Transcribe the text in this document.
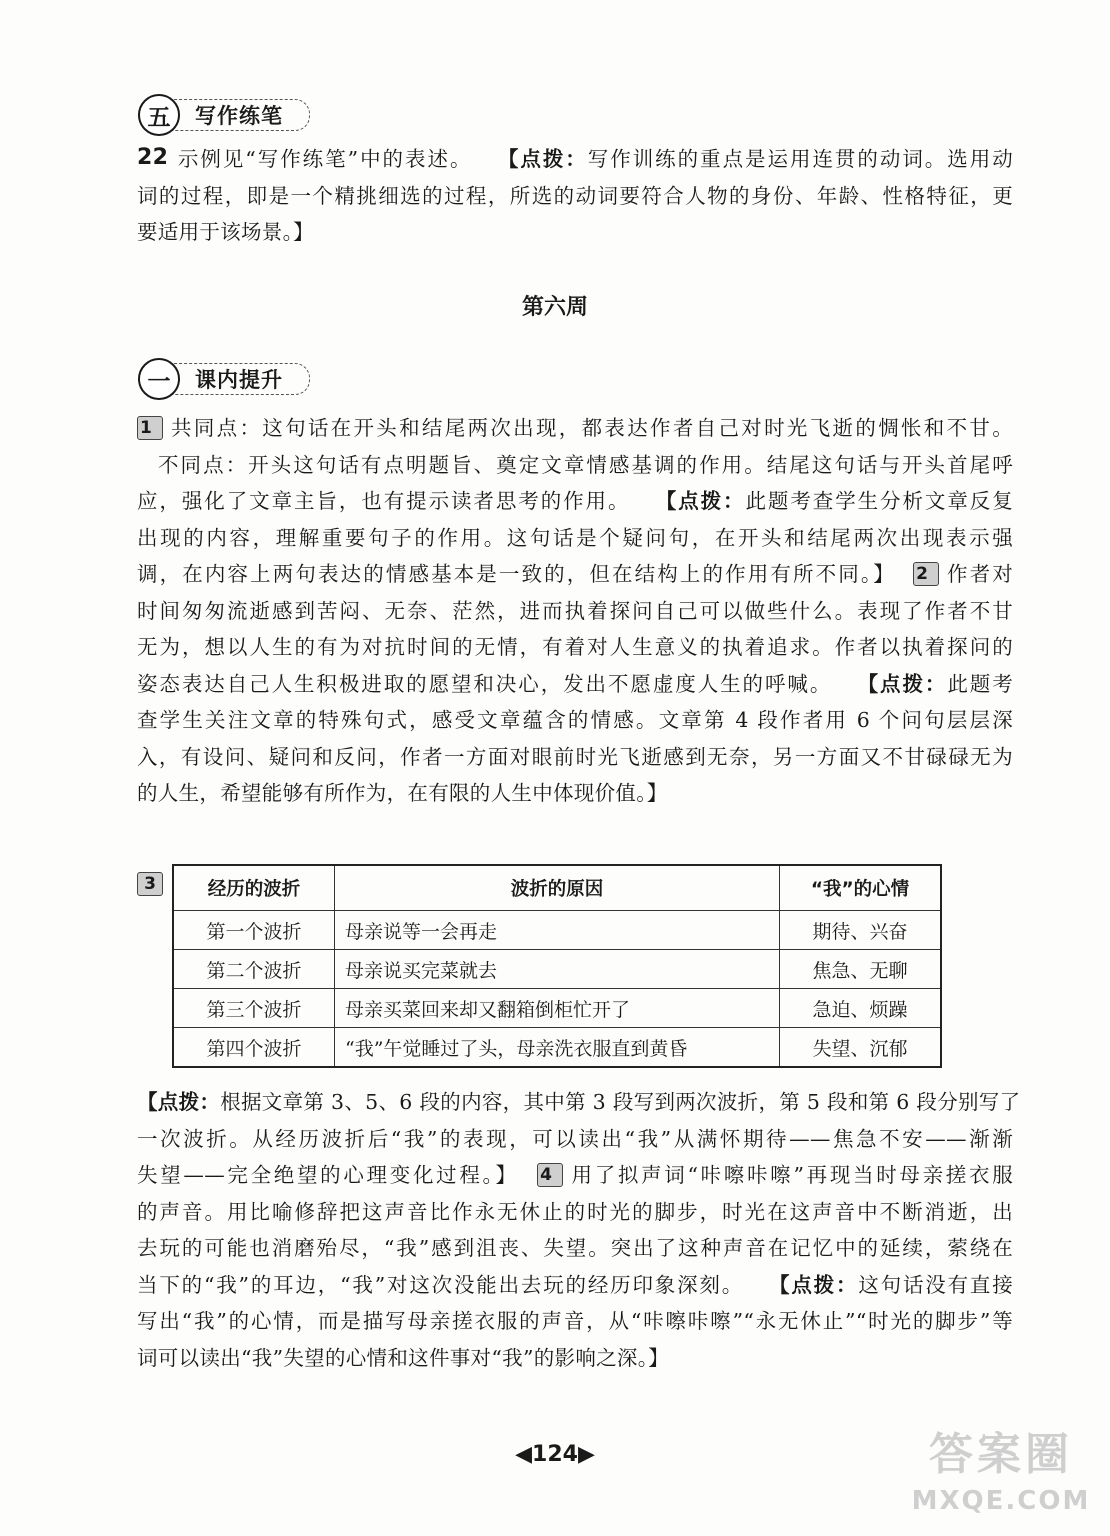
五	写作练笔
22 示例见“写作练笔”中的表述。 【点拨：写作训练的重点是运用连贯的动词。选用动
词的过程，即是一个精挑细选的过程，所选的动词要符合人物的身份、年龄、性格特征，更
要适用于该场景。】
第六周
一	课内提升
1 共同点：这句话在开头和结尾两次出现，都表达作者自己对时光飞逝的惆怅和不甘。
不同点：开头这句话有点明题旨、奠定文章情感基调的作用。结尾这句话与开头首尾呼
应，强化了文章主旨，也有提示读者思考的作用。 【点拨：此题考查学生分析文章反复
出现的内容，理解重要句子的作用。这句话是个疑问句，在开头和结尾两次出现表示强
调，在内容上两句表达的情感基本是一致的，但在结构上的作用有所不同。】 2 作者对
时间匆匆流逝感到苦闷、无奈、茫然，进而执着探问自己可以做些什么。表现了作者不甘
无为，想以人生的有为对抗时间的无情，有着对人生意义的执着追求。作者以执着探问的
姿态表达自己人生积极进取的愿望和决心，发出不愿虚度人生的呼喊。 【点拨：此题考
查学生关注文章的特殊句式，感受文章蕴含的情感。文章第 4 段作者用 6 个问句层层深
入，有设问、疑问和反问，作者一方面对眼前时光飞逝感到无奈，另一方面又不甘碌碌无为
的人生，希望能够有所作为，在有限的人生中体现价值。】
3	经历的波折	波折的原因	“我”的心情
第一个波折	母亲说等一会再走	期待、兴奋
第二个波折	母亲说买完菜就去	焦急、无聊
第三个波折	母亲买菜回来却又翻箱倒柜忙开了	急迫、烦躁
第四个波折	“我”午觉睡过了头，母亲洗衣服直到黄昏	失望、沉郁
【点拨：根据文章第 3、5、6 段的内容，其中第 3 段写到两次波折，第 5 段和第 6 段分别写了
一次波折。从经历波折后“我”的表现，可以读出“我”从满怀期待——焦急不安——渐渐
失望——完全绝望的心理变化过程。】 4 用了拟声词“咔嚓咔嚓”再现当时母亲搓衣服
的声音。用比喻修辞把这声音比作永无休止的时光的脚步，时光在这声音中不断消逝，出
去玩的可能也消磨殆尽，“我”感到沮丧、失望。突出了这种声音在记忆中的延续，萦绕在
当下的“我”的耳边，“我”对这次没能出去玩的经历印象深刻。 【点拨：这句话没有直接
写出“我”的心情，而是描写母亲搓衣服的声音，从“咔嚓咔嚓”“永无休止”“时光的脚步”等
词可以读出“我”失望的心情和这件事对“我”的影响之深。】
◀124▶	答案圈
MXQE.COM
